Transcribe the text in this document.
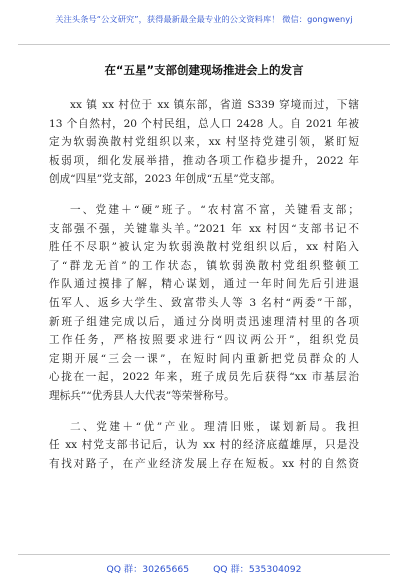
关注头条号“公文研究”，获得最新最全最专业的公文资料库！ 微信：gongwenyj
在“五星”支部创建现场推进会上的发言
xx 镇 xx 村位于 xx 镇东部，省道 S339 穿境而过，下辖
13 个自然村，20 个村民组，总人口 2428 人。自 2021 年被
定为软弱涣散村党组织以来，xx 村坚持党建引领，紧盯短
板弱项，细化发展举措，推动各项工作稳步提升，2022 年
创成“四星”党支部，2023 年创成“五星”党支部。
一、党建＋“硬”班子。“农村富不富，关键看支部；
支部强不强，关键靠头羊。”2021 年 xx 村因“支部书记不
胜任不尽职”被认定为软弱涣散村党组织以后，xx 村陷入
了“群龙无首”的工作状态，镇软弱涣散村党组织整顿工
作队通过摸排了解，精心谋划，通过一年时间先后引进退
伍军人、返乡大学生、致富带头人等 3 名村“两委”干部，
新班子组建完成以后，通过分岗明责迅速理清村里的各项
工作任务，严格按照要求进行“四议两公开”，组织党员
定期开展“三会一课”，在短时间内重新把党员群众的人
心拢在一起，2022 年来，班子成员先后获得“xx 市基层治
理标兵”“优秀县人大代表”等荣誉称号。
二、党建＋“优”产业。理清旧账，谋划新局。我担
任 xx 村党支部书记后，认为 xx 村的经济底蕴雄厚，只是没
有找对路子，在产业经济发展上存在短板。xx 村的自然资
QQ 群：30265665	QQ 群：535304092
